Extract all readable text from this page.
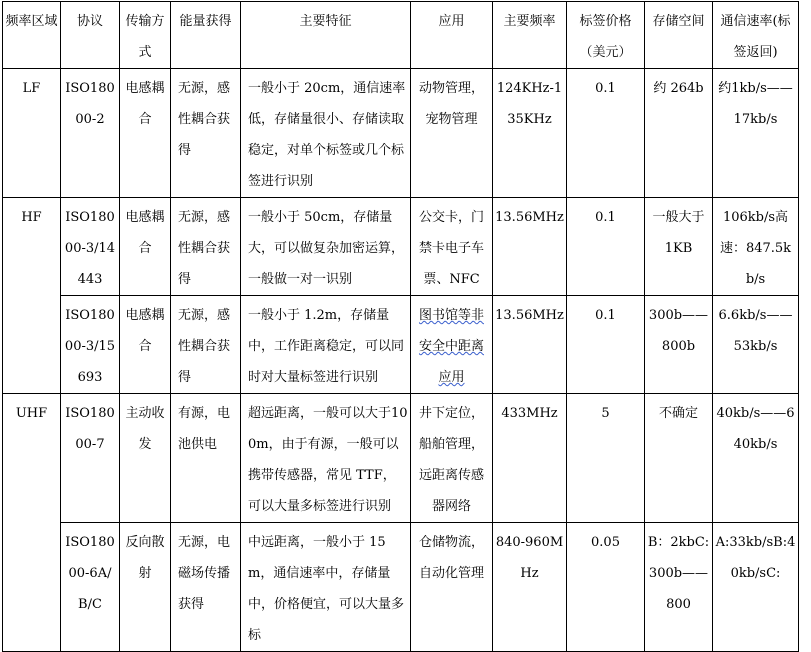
频率区域	协议	传输方式	能量获得	主要特征	应用	主要频率	标签价格（美元）	存储空间	通信速率(标签返回)
LF	ISO18000-2	电感耦合	无源，感性耦合获得	一般小于 20cm，通信速率低，存储量很小、存储读取稳定，对单个标签或几个标签进行识别	动物管理，宠物管理	124KHz-135KHz	0.1	约 264b	约1kb/s——17kb/s
HF	ISO18000-3/14443	电感耦合	无源，感性耦合获得	一般小于 50cm，存储量大，可以做复杂加密运算，一般做一对一识别	公交卡，门禁卡电子车票、NFC	13.56MHz	0.1	一般大于 1KB	106kb/s高速：847.5kb/s
	ISO18000-3/15693	电感耦合	无源，感性耦合获得	一般小于 1.2m，存储量中，工作距离稳定，可以同时对大量标签进行识别	图书馆等非安全中距离应用	13.56MHz	0.1	300b——800b	6.6kb/s——53kb/s
UHF	ISO18000-7	主动收发	有源，电池供电	超远距离，一般可以大于100m，由于有源，一般可以携带传感器，常见 TTF，可以大量多标签进行识别	井下定位，船舶管理，远距离传感器网络	433MHz	5	不确定	40kb/s——640kb/s
	ISO18000-6A/B/C	反向散射	无源，电磁场传播获得	中远距离，一般小于 15m，通信速率中，存储量中，价格便宜，可以大量多标	仓储物流，自动化管理	840-960MHz	0.05	B：2kbC:300b——800	A:33kb/sB:40kb/sC:
